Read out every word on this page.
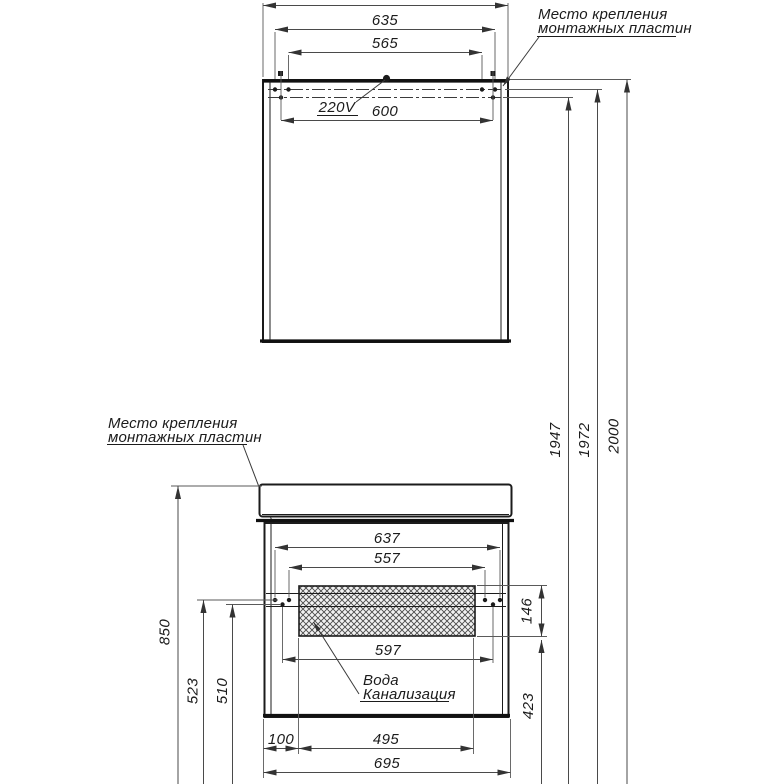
635
565
600
220V
Место крепления
монтажных пластин
1947 1972 2000
Место крепления
монтажных пластин
637
557
597
146
423
850
523 510
100	495
695
Вода
Канализация
